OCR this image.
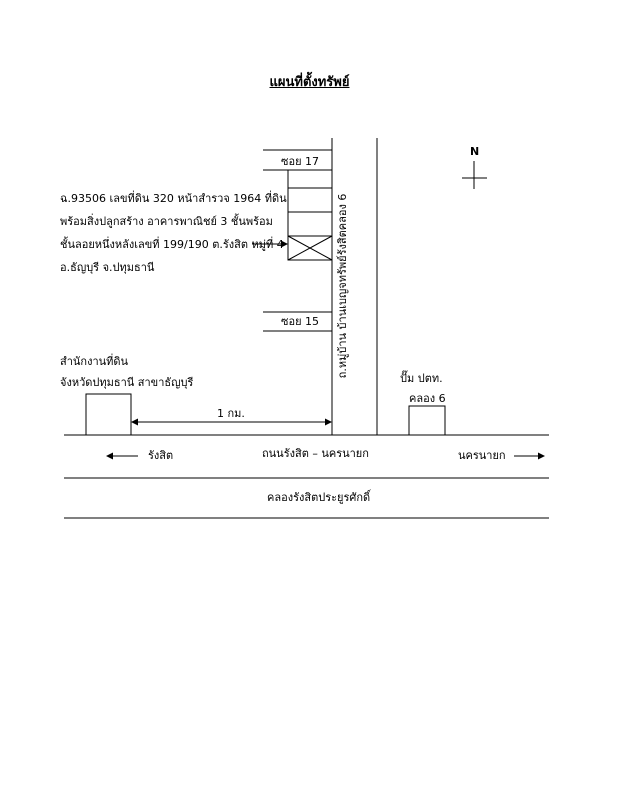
แผนที่ตั้งทรัพย์
ซอย 17
ซอย 15
N
ฉ.93506 เลขที่ดิน 320 หน้าสำรวจ 1964 ที่ดิน
พร้อมสิ่งปลูกสร้าง อาคารพาณิชย์ 3 ชั้นพร้อม
ชั้นลอยหนึ่งหลังเลขที่ 199/190 ต.รังสิต หมู่ที่ 4
อ.ธัญบุรี จ.ปทุมธานี	ถ.หมู่บ้าน บ้านเบญจทรัพย์รังสิตคลอง 6
สำนักงานที่ดิน
จังหวัดปทุมธานี สาขาธัญบุรี
1 กม.
ปั๊ม ปตท.
คลอง 6
รังสิต	ถนนรังสิต – นครนายก	นครนายก
คลองรังสิตประยูรศักดิ์
